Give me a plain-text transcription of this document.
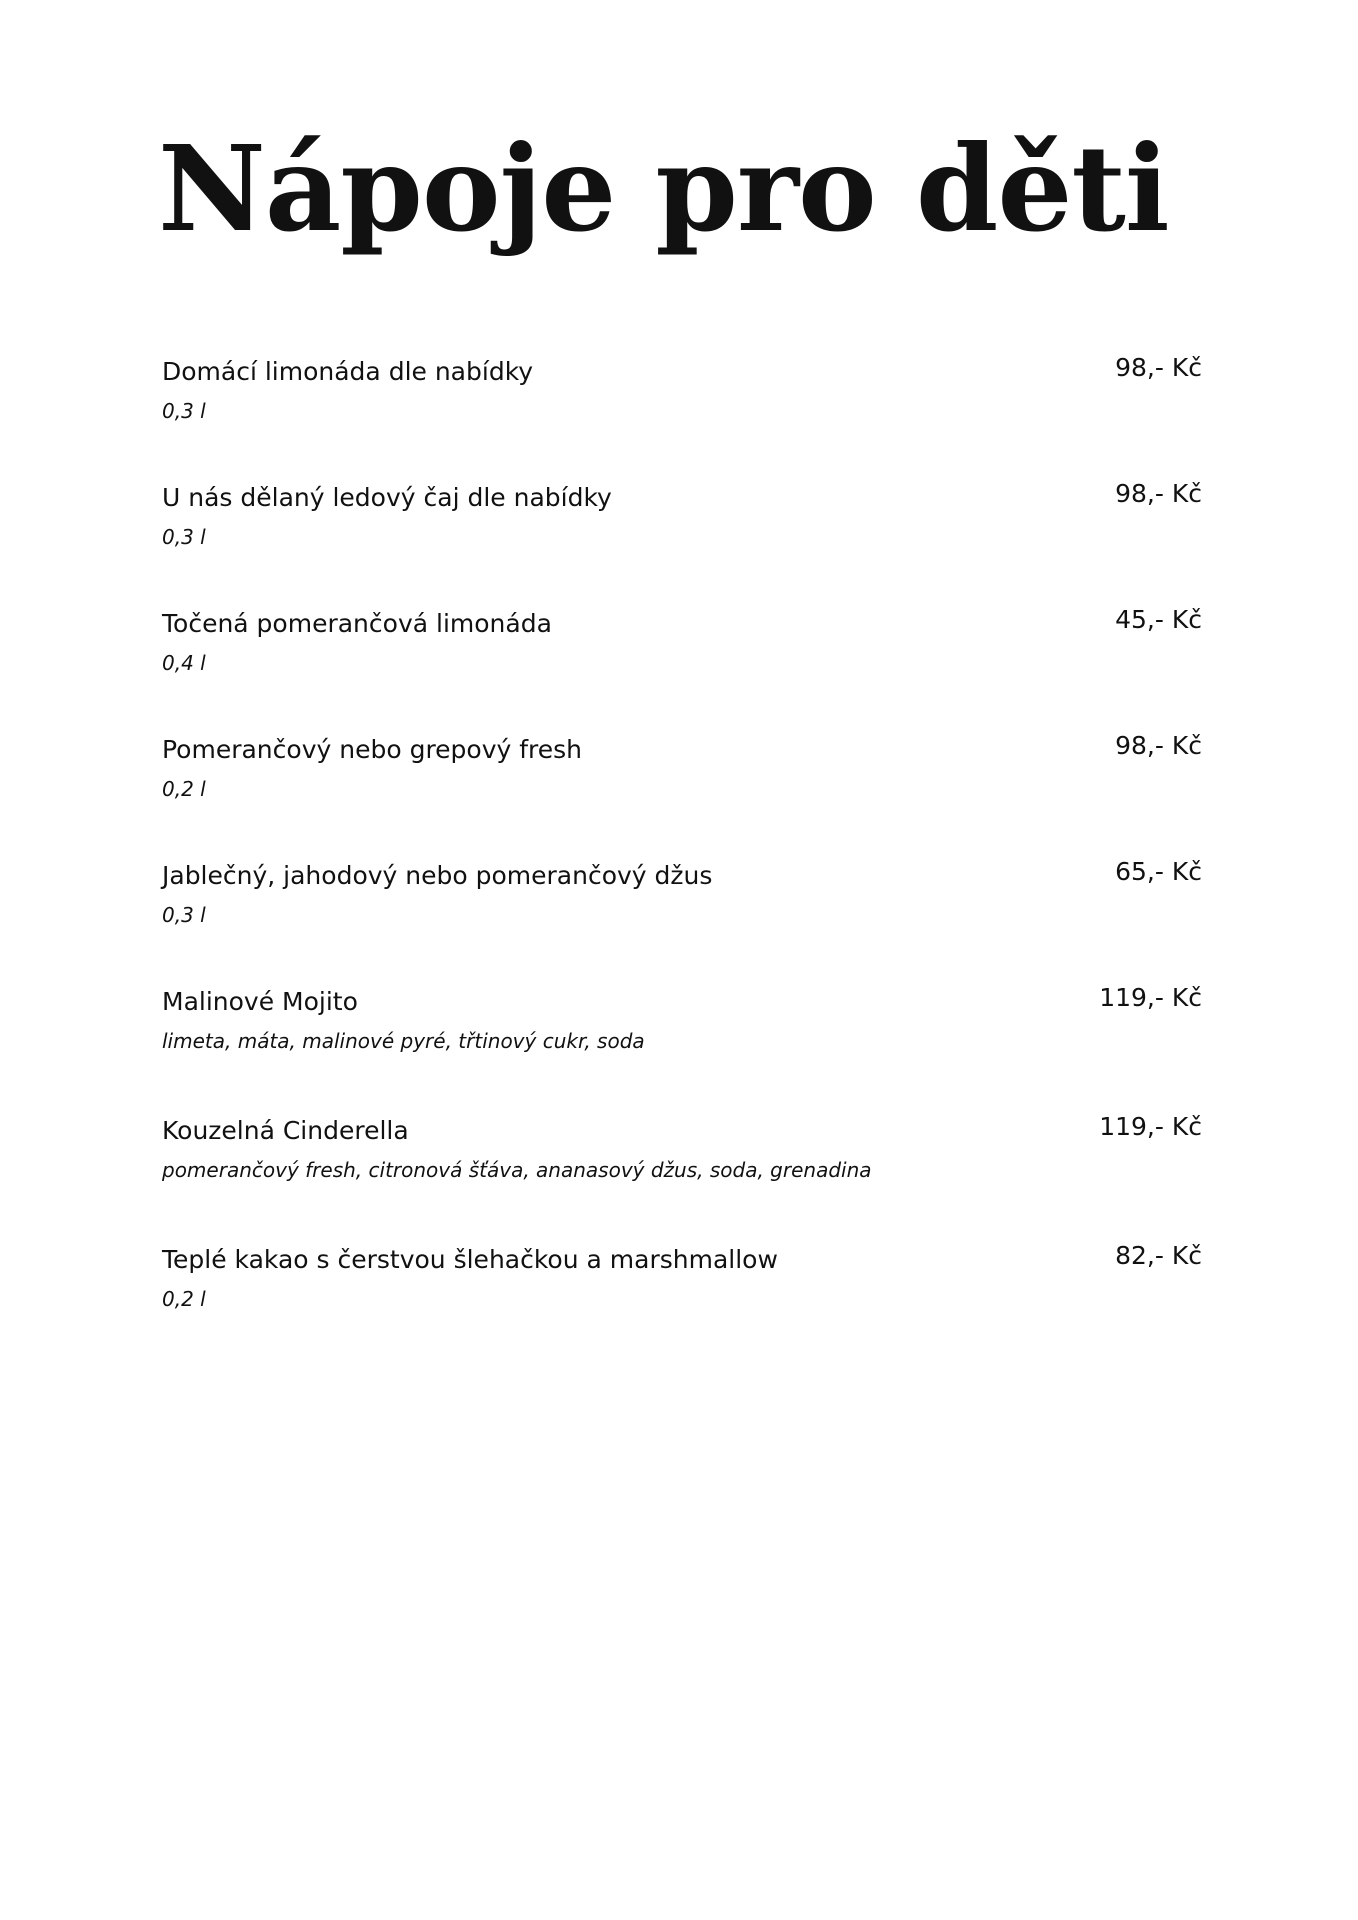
Nápoje pro děti
Domácí limonáda dle nabídky	98,- Kč
0,3 l
U nás dělaný ledový čaj dle nabídky	98,- Kč
0,3 l
Točená pomerančová limonáda	45,- Kč
0,4 l
Pomerančový nebo grepový fresh	98,- Kč
0,2 l
Jablečný, jahodový nebo pomerančový džus	65,- Kč
0,3 l
Malinové Mojito	119,- Kč
limeta, máta, malinové pyré, třtinový cukr, soda
Kouzelná Cinderella	119,- Kč
pomerančový fresh, citronová šťáva, ananasový džus, soda, grenadina
Teplé kakao s čerstvou šlehačkou a marshmallow	82,- Kč
0,2 l
